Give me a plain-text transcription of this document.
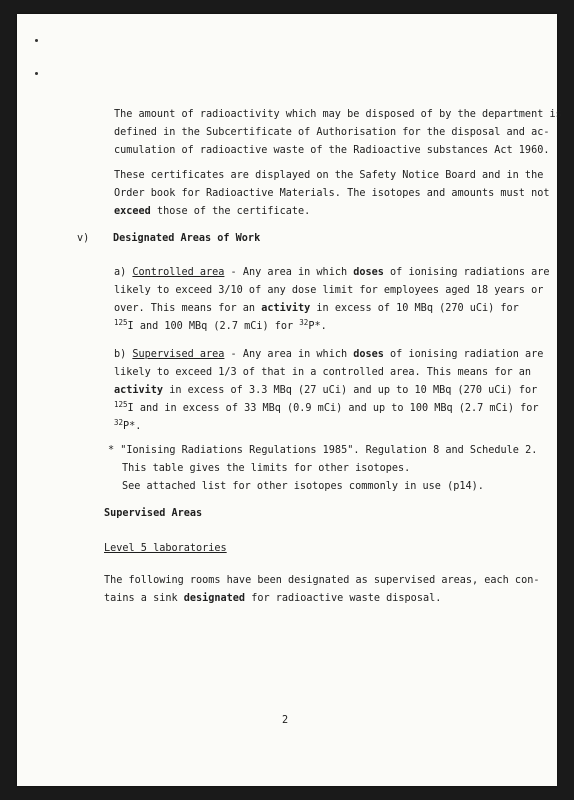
The amount of radioactivity which may be disposed of by the department is
defined in the Subcertificate of Authorisation for the disposal and ac-
cumulation of radioactive waste of the Radioactive substances Act 1960.
These certificates are displayed on the Safety Notice Board and in the
Order book for Radioactive Materials. The isotopes and amounts must not
exceed those of the certificate.
v) Designated Areas of Work
a) Controlled area - Any area in which doses of ionising radiations are
likely to exceed 3/10 of any dose limit for employees aged 18 years or
over. This means for an activity in excess of 10 MBq (270 uCi) for
$^{125}$I and 100 MBq (2.7 mCi) for $^{32}$P*.
b) Supervised area - Any area in which doses of ionising radiation are
likely to exceed 1/3 of that in a controlled area. This means for an
activity in excess of 3.3 MBq (27 uCi) and up to 10 MBq (270 uCi) for
$^{125}$I and in excess of 33 MBq (0.9 mCi) and up to 100 MBq (2.7 mCi) for
$^{32}$P*.
* "Ionising Radiations Regulations 1985". Regulation 8 and Schedule 2.
This table gives the limits for other isotopes.
See attached list for other isotopes commonly in use (p14).
Supervised Areas
Level 5 laboratories
The following rooms have been designated as supervised areas, each con-
tains a sink designated for radioactive waste disposal.
2
